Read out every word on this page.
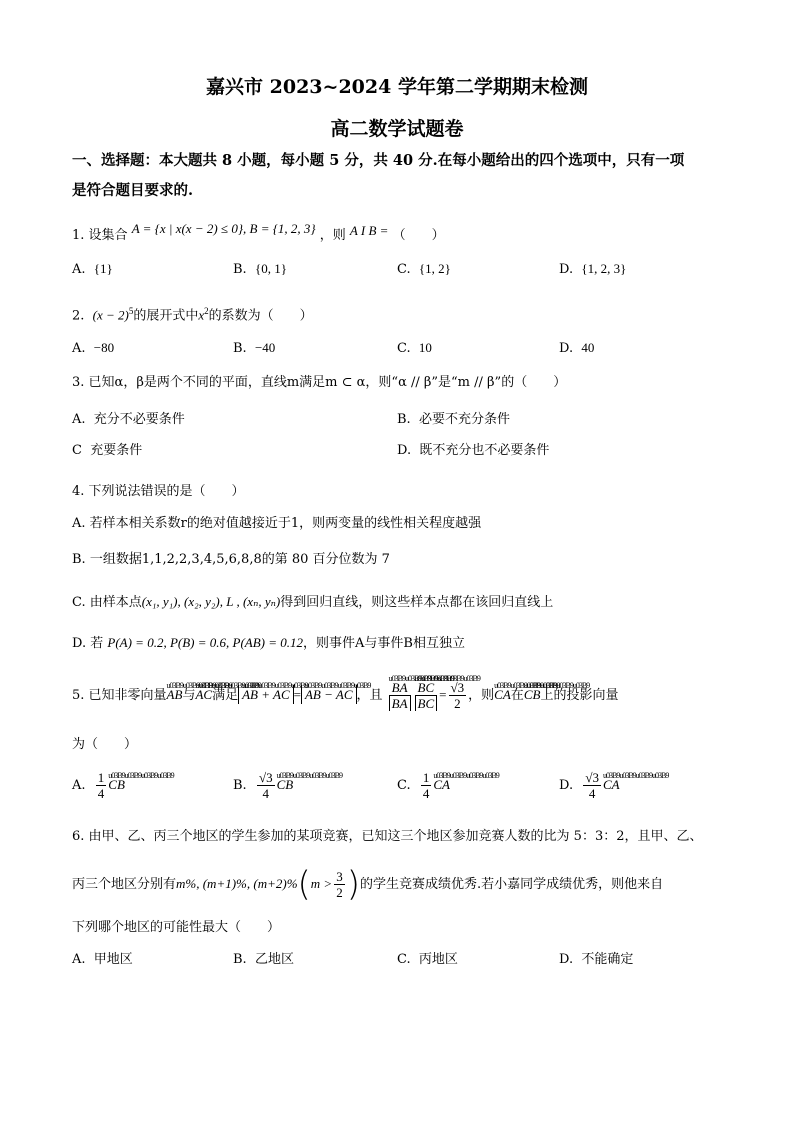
嘉兴市 2023~2024 学年第二学期期末检测
高二数学试题卷
一、选择题：本大题共 8 小题，每小题 5 分，共 40 分.在每小题给出的四个选项中，只有一项
是符合题目要求的.
1. 设集合 A = {x | x(x − 2) ≤ 0}, B = {1, 2, 3} ，则 A I B = （　　）
A. {1}	B. {0, 1}	C. {1, 2}	D. {1, 2, 3}
2. $(x - 2)^5$的展开式中$x^2$的系数为（　　）
A. −80	B. −40	C. 10	D. 40
3. 已知α，β是两个不同的平面，直线m满足m ⊂ α，则“α // β”是“m // β”的（　　）
A. 充分不必要条件	B. 必要不充分条件
C 充要条件	D. 既不充分也不必要条件
4. 下列说法错误的是（　　）
A. 若样本相关系数r的绝对值越接近于1，则两变量的线性相关程度越强
B. 一组数据1,1,2,2,3,4,5,6,8,8的第 80 百分位数为 7
C. 由样本点(x₁, y₁), (x₂, y₂), L , (xₙ, yₙ)得到回归直线，则这些样本点都在该回归直线上
D. 若 P(A) = 0.2, P(B) = 0.6, P(AB) = 0.12，则事件A与事件B相互独立
5. 已知非零向量u03B9u03B9u03B9u03B9 AB与u03B9u03B9u03B9u03B9 AC满足u03B9u03B9u03B9u03B9 AB + AC =u03B9u03B9u03B9u03B9 AB − AC ，且
$u03B9u03B9u03B9u03B9 \frac{BA}{BA}$
$u03B9u03B9u03B9u03B9 \frac{BC}{BC} = \frac{√3}{2}$ ，则u03B9u03B9u03B9u03B9 CA在u03B9u03B9u03B9u03B9 CB上的投影向量
为（　　）
A. $\frac{1}{4}$
u03B9u03B9u03B9u03B9 CB	B. $\frac{√3}{4}$
u03B9u03B9u03B9u03B9 CB	C. $\frac{1}{4}$
u03B9u03B9u03B9u03B9 CA	D. $\frac{√3}{4}$
u03B9u03B9u03B9u03B9 CA
6. 由甲、乙、丙三个地区的学生参加的某项竞赛，已知这三个地区参加竞赛人数的比为 5：3：2，且甲、乙、
丙三个地区分别有m%, (m+1)%, $(m+2)\%(m > \frac{3}{2}$ )的学生竞赛成绩优秀.若小嘉同学成绩优秀，则他来自
下列哪个地区的可能性最大（　　）
A. 甲地区	B. 乙地区	C. 丙地区	D. 不能确定
